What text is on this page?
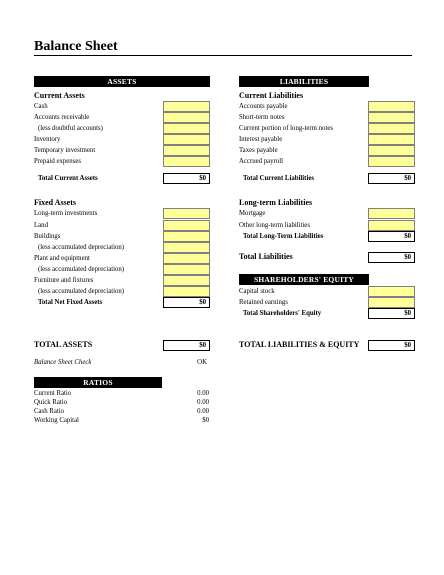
Balance Sheet
ASSETS
Current Assets
Cash
Accounts receivable
(less doubtful accounts)
Inventory
Temporary investment
Prepaid expenses
Total Current Assets	$0
Fixed Assets
Long-term investments
Land
Buildings
(less accumulated depreciation)
Plant and equipment
(less accumulated depreciation)
Furniture and fixtures
(less accumulated depreciation)
Total Net Fixed Assets	$0
TOTAL ASSETS	$0
Balance Sheet Check	OK
RATIOS
Current Ratio	0.00
Quick Ratio	0.00
Cash Ratio	0.00
Working Capital	$0
LIABILITIES
Current Liabilities
Accounts payable
Short-term notes
Current portion of long-term notes
Interest payable
Taxes payable
Accrued payroll
Total Current Liabilities	$0
Long-term Liabilities
Mortgage
Other long-term liabilities
Total Long-Term Liabilities	$0
Total Liabilities	$0
SHAREHOLDERS' EQUITY
Capital stock
Retained earnings
Total Shareholders' Equity	$0
TOTAL LIABILITIES & EQUITY	$0
